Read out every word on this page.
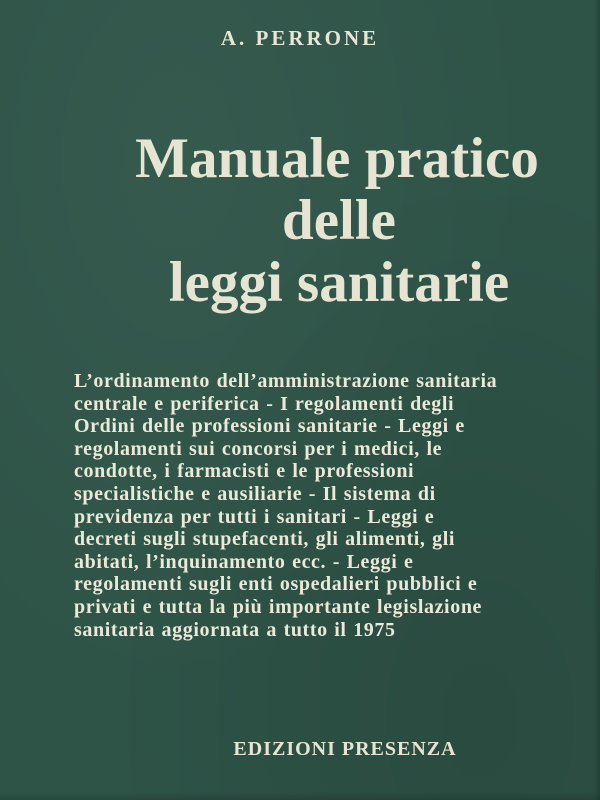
A. PERRONE
Manuale pratico
delle
leggi sanitarie
L’ordinamento dell’amministrazione sanitaria
centrale e periferica - I regolamenti degli
Ordini delle professioni sanitarie - Leggi e
regolamenti sui concorsi per i medici, le
condotte, i farmacisti e le professioni
specialistiche e ausiliarie - Il sistema di
previdenza per tutti i sanitari - Leggi e
decreti sugli stupefacenti, gli alimenti, gli
abitati, l’inquinamento ecc. - Leggi e
regolamenti sugli enti ospedalieri pubblici e
privati e tutta la più importante legislazione
sanitaria aggiornata a tutto il 1975
EDIZIONI PRESENZA
